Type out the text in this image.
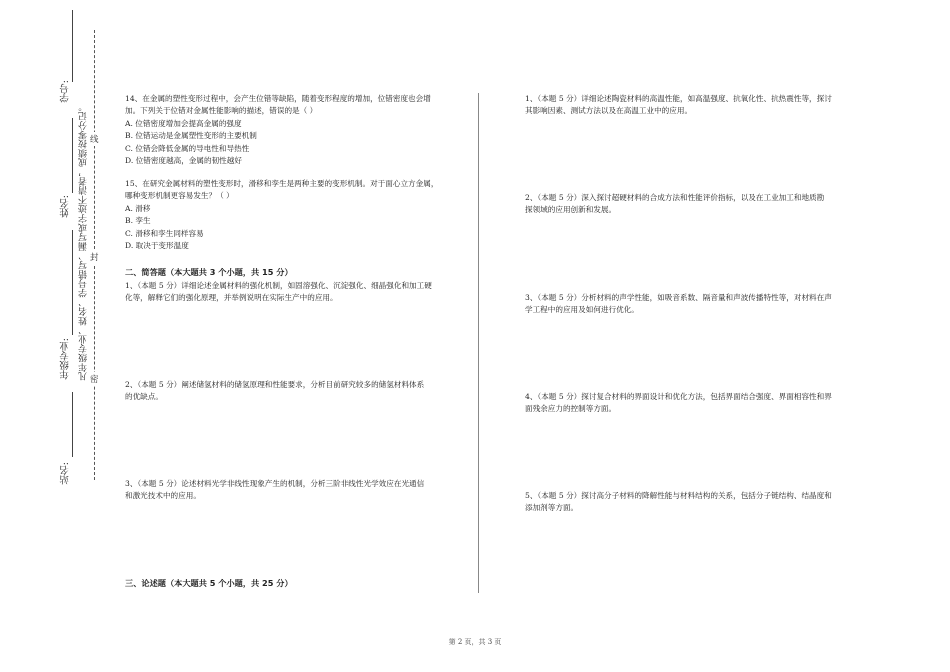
学号:
姓名:
年级专业:
站名:
凡年级专业、姓名、学号错写、漏写或字迹不清者，成绩按零分记。 线
封
密

14、在金属的塑性变形过程中，会产生位错等缺陷，随着变形程度的增加，位错密度也会增

加。下列关于位错对金属性能影响的描述，错误的是（ ）

A. 位错密度增加会提高金属的强度

B. 位错运动是金属塑性变形的主要机制

C. 位错会降低金属的导电性和导热性

D. 位错密度越高，金属的韧性越好

15、在研究金属材料的塑性变形时，滑移和孪生是两种主要的变形机制。对于面心立方金属，

哪种变形机制更容易发生？（ ）

A. 滑移

B. 孪生

C. 滑移和孪生同样容易

D. 取决于变形温度

二、简答题（本大题共 3 个小题，共 15 分）

1、（本题 5 分）详细论述金属材料的强化机制，如固溶强化、沉淀强化、细晶强化和加工硬

化等，解释它们的强化原理，并举例说明在实际生产中的应用。

2、（本题 5 分）阐述储氢材料的储氢原理和性能要求，分析目前研究较多的储氢材料体系

的优缺点。

3、（本题 5 分）论述材料光学非线性现象产生的机制，分析三阶非线性光学效应在光通信

和激光技术中的应用。

三、论述题（本大题共 5 个小题，共 25 分）

1、（本题 5 分）详细论述陶瓷材料的高温性能，如高温强度、抗氧化性、抗热震性等，探讨

其影响因素、测试方法以及在高温工业中的应用。

2、（本题 5 分）深入探讨超硬材料的合成方法和性能评价指标，以及在工业加工和地质勘

探领域的应用创新和发展。

3、（本题 5 分）分析材料的声学性能，如吸音系数、隔音量和声波传播特性等，对材料在声

学工程中的应用及如何进行优化。

4、（本题 5 分）探讨复合材料的界面设计和优化方法，包括界面结合强度、界面相容性和界

面残余应力的控制等方面。

5、（本题 5 分）探讨高分子材料的降解性能与材料结构的关系，包括分子链结构、结晶度和

添加剂等方面。

第 2 页，共 3 页
